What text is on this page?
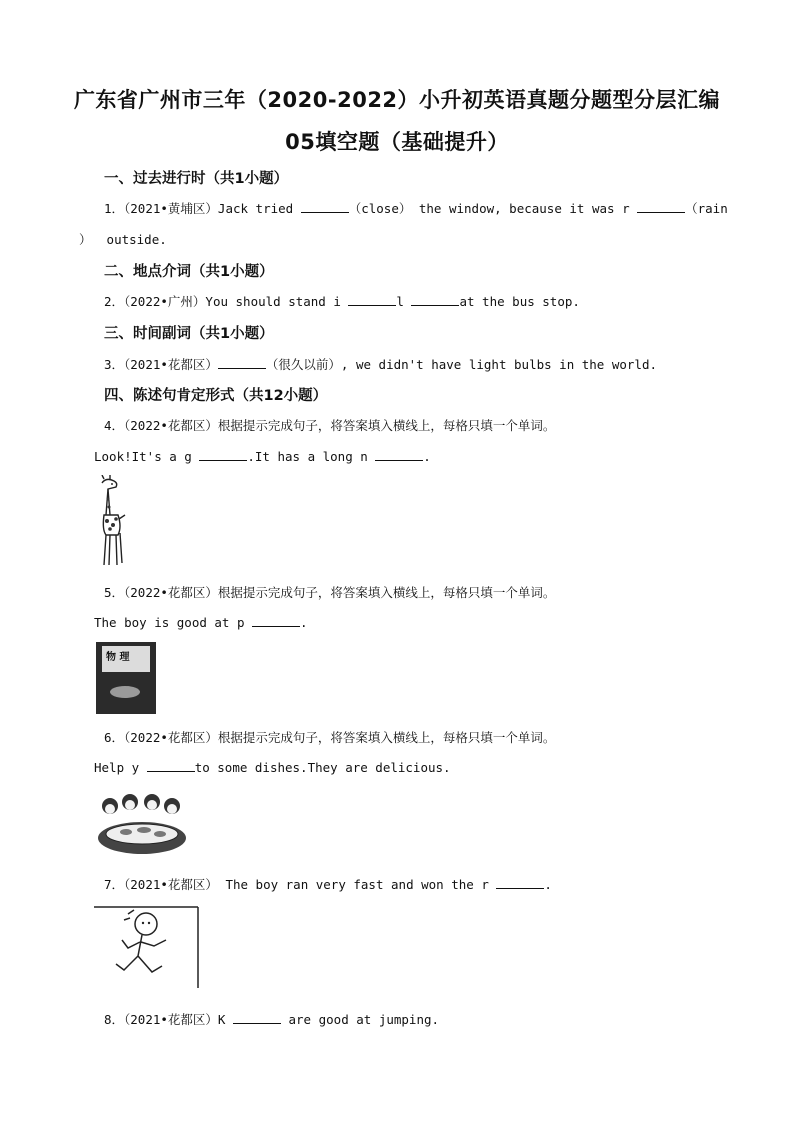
广东省广州市三年（2020-2022）小升初英语真题分题型分层汇编
05填空题（基础提升）
一、过去进行时（共1小题）
1．（2021•黄埔区）Jack tried	（close） the window, because it was r	（rain
）  outside.
二、地点介词（共1小题）
2．（2022•广州）You should stand i	l	at the bus stop.
三、时间副词（共1小题）
3．（2021•花都区）	（很久以前）, we didn't have light bulbs in the world.
四、陈述句肯定形式（共12小题）
4．（2022•花都区）根据提示完成句子，将答案填入横线上，每格只填一个单词。
Look!It's a g	.It has a long n	.
5．（2022•花都区）根据提示完成句子，将答案填入横线上，每格只填一个单词。
The boy is good at p	.
物 理
6．（2022•花都区）根据提示完成句子，将答案填入横线上，每格只填一个单词。
Help y	to some dishes.They are delicious.
7．（2021•花都区） The boy ran very fast and won the r	.
8．（2021•花都区）K	are good at jumping.
